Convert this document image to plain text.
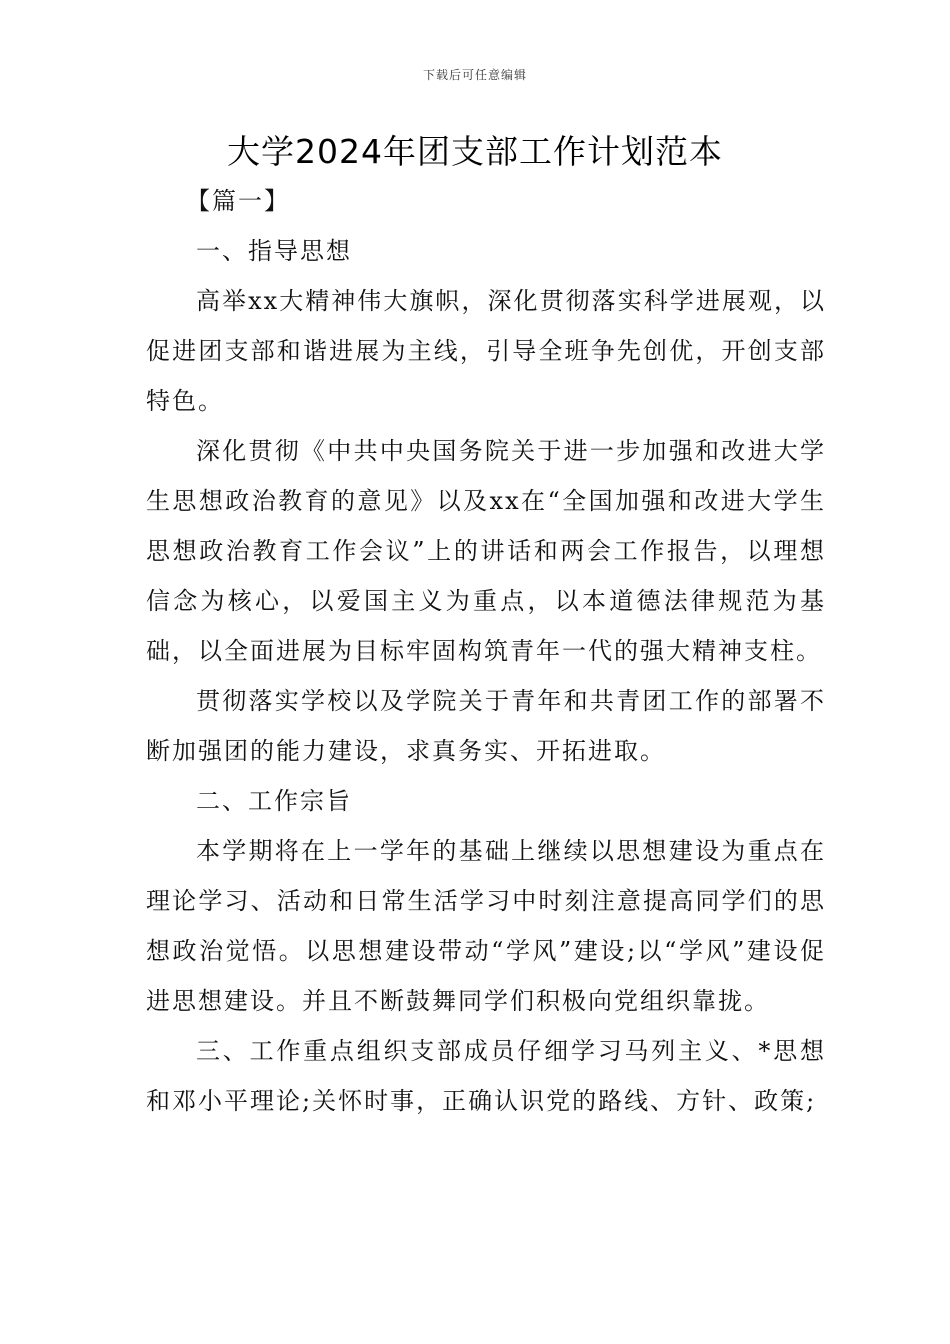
下载后可任意编辑
大学2024年团支部工作计划范本

【篇一】

一、指导思想

高举xx大精神伟大旗帜，深化贯彻落实科学进展观，以促进团支部和谐进展为主线，引导全班争先创优，开创支部特色。

深化贯彻《中共中央国务院关于进一步加强和改进大学生思想政治教育的意见》以及xx在“全国加强和改进大学生思想政治教育工作会议”上的讲话和两会工作报告，以理想信念为核心，以爱国主义为重点，以本道德法律规范为基础，以全面进展为目标牢固构筑青年一代的强大精神支柱。

贯彻落实学校以及学院关于青年和共青团工作的部署不断加强团的能力建设，求真务实、开拓进取。

二、工作宗旨

本学期将在上一学年的基础上继续以思想建设为重点在理论学习、活动和日常生活学习中时刻注意提高同学们的思想政治觉悟。以思想建设带动“学风”建设;以“学风”建设促进思想建设。并且不断鼓舞同学们积极向党组织靠拢。

三、工作重点组织支部成员仔细学习马列主义、*思想和邓小平理论;关怀时事，正确认识党的路线、方针、政策;
